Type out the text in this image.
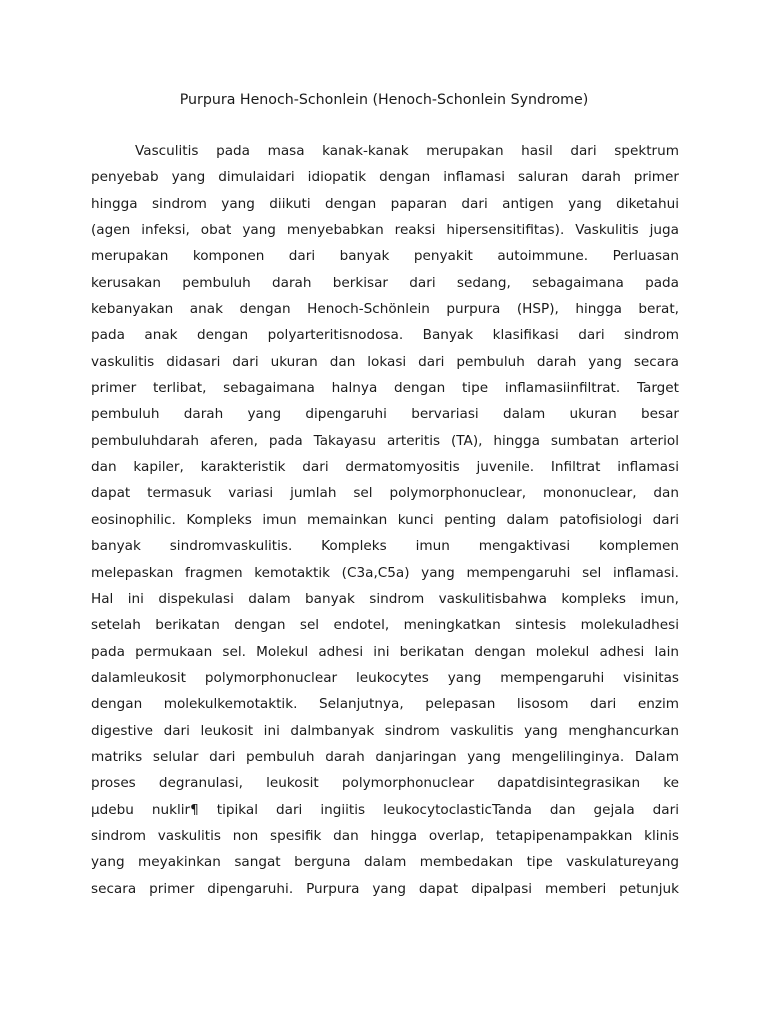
Purpura Henoch-Schonlein (Henoch-Schonlein Syndrome)
Vasculitis pada masa kanak-kanak merupakan hasil dari spektrum
penyebab yang dimulaidari idiopatik dengan inflamasi saluran darah primer
hingga sindrom yang diikuti dengan paparan dari antigen yang diketahui
(agen infeksi, obat yang menyebabkan reaksi hipersensitifitas). Vaskulitis juga
merupakan komponen dari banyak penyakit autoimmune. Perluasan
kerusakan pembuluh darah berkisar dari sedang, sebagaimana pada
kebanyakan anak dengan Henoch-Schönlein purpura (HSP), hingga berat,
pada anak dengan polyarteritisnodosa. Banyak klasifikasi dari sindrom
vaskulitis didasari dari ukuran dan lokasi dari pembuluh darah yang secara
primer terlibat, sebagaimana halnya dengan tipe inflamasiinfiltrat. Target
pembuluh darah yang dipengaruhi bervariasi dalam ukuran besar
pembuluhdarah aferen, pada Takayasu arteritis (TA), hingga sumbatan arteriol
dan kapiler, karakteristik dari dermatomyositis juvenile. Infiltrat inflamasi
dapat termasuk variasi jumlah sel polymorphonuclear, mononuclear, dan
eosinophilic. Kompleks imun memainkan kunci penting dalam patofisiologi dari
banyak sindromvaskulitis. Kompleks imun mengaktivasi komplemen
melepaskan fragmen kemotaktik (C3a,C5a) yang mempengaruhi sel inflamasi.
Hal ini dispekulasi dalam banyak sindrom vaskulitisbahwa kompleks imun,
setelah berikatan dengan sel endotel, meningkatkan sintesis molekuladhesi
pada permukaan sel. Molekul adhesi ini berikatan dengan molekul adhesi lain
dalamleukosit polymorphonuclear leukocytes yang mempengaruhi visinitas
dengan molekulkemotaktik. Selanjutnya, pelepasan lisosom dari enzim
digestive dari leukosit ini dalmbanyak sindrom vaskulitis yang menghancurkan
matriks selular dari pembuluh darah danjaringan yang mengelilinginya. Dalam
proses degranulasi, leukosit polymorphonuclear dapatdisintegrasikan ke
µdebu nuklir¶ tipikal dari ingiitis leukocytoclasticTanda dan gejala dari
sindrom vaskulitis non spesifik dan hingga overlap, tetapipenampakkan klinis
yang meyakinkan sangat berguna dalam membedakan tipe vaskulatureyang
secara primer dipengaruhi. Purpura yang dapat dipalpasi memberi petunjuk
